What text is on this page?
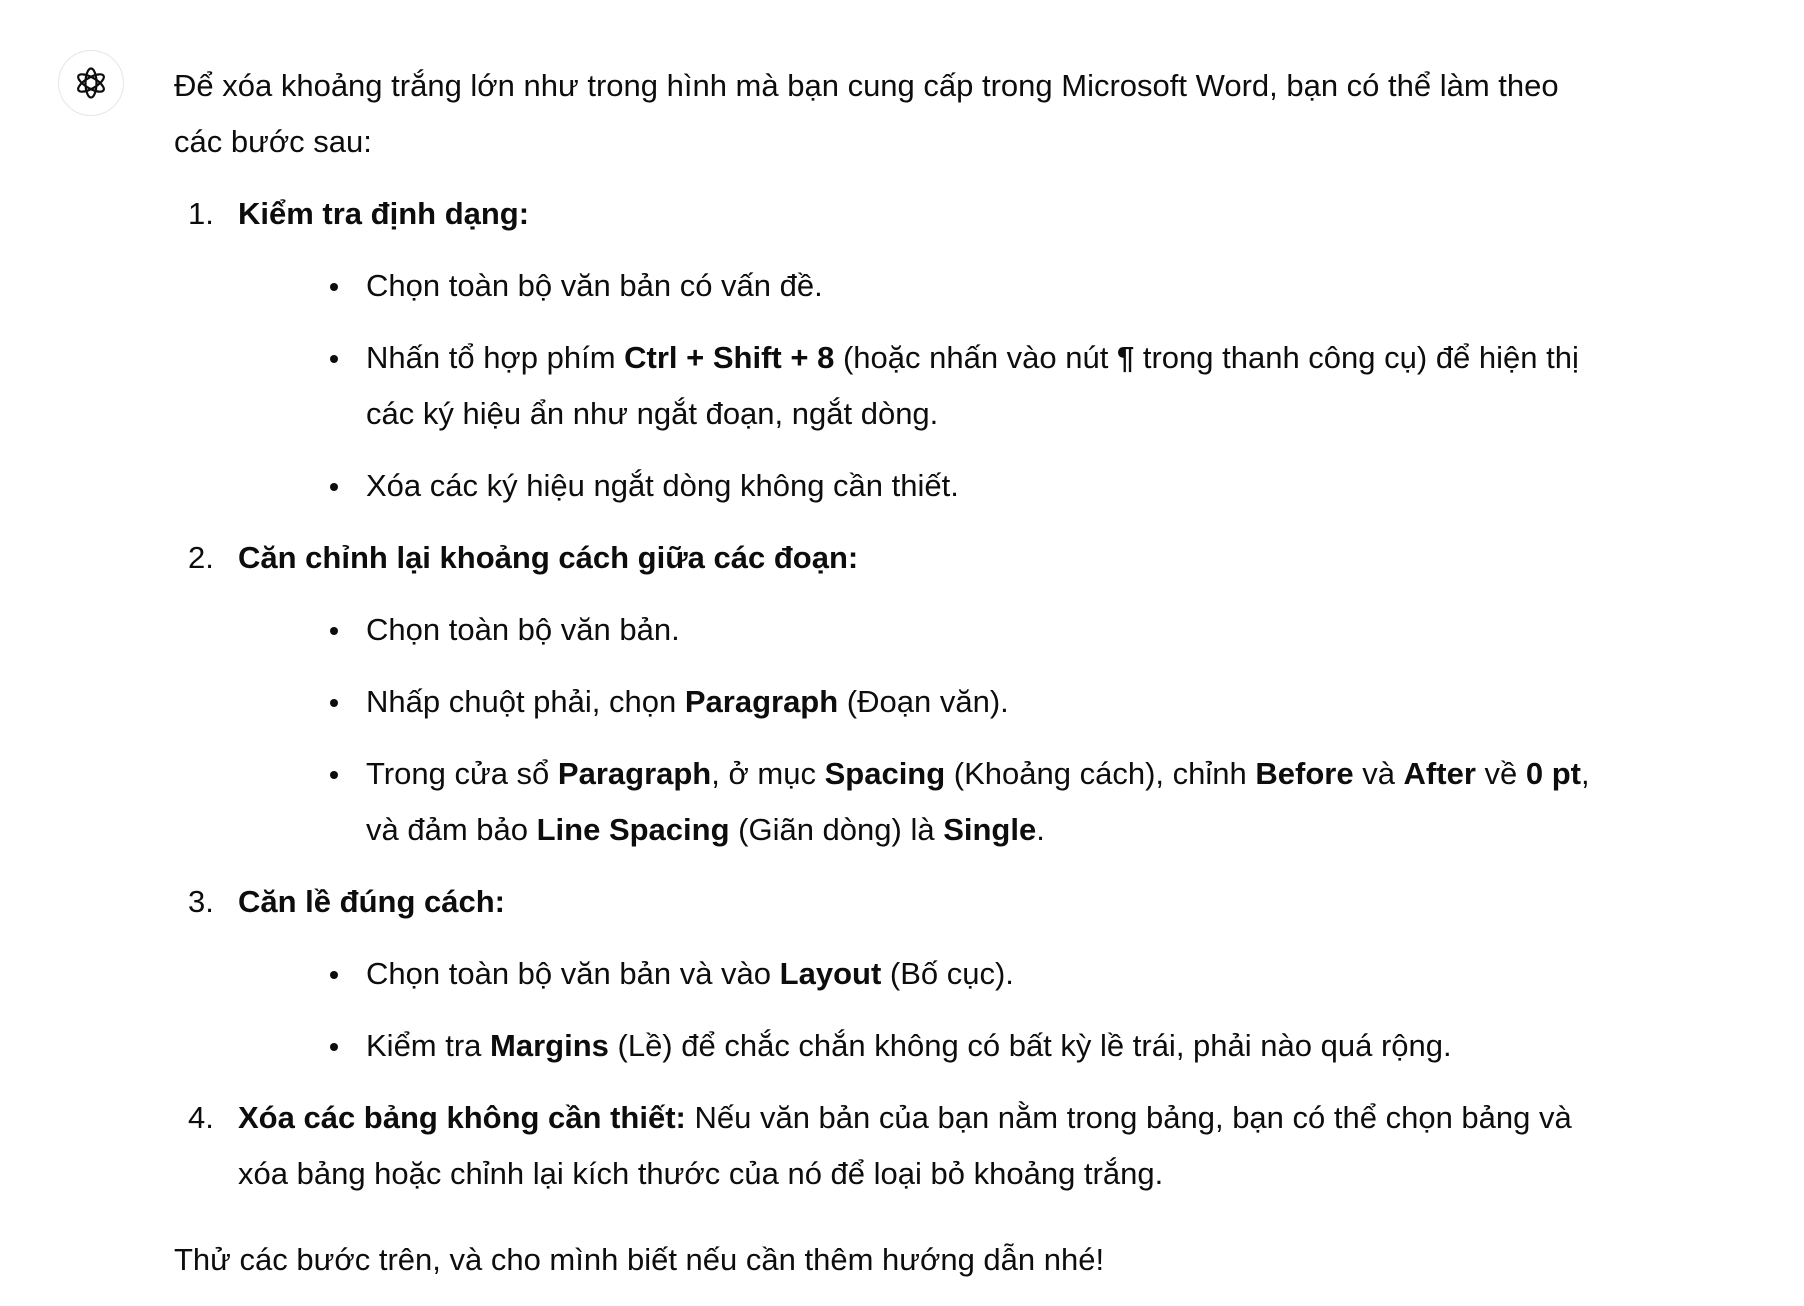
Để xóa khoảng trắng lớn như trong hình mà bạn cung cấp trong Microsoft Word, bạn có thể làm theo các bước sau:

1. Kiểm tra định dạng:
Chọn toàn bộ văn bản có vấn đề.
Nhấn tổ hợp phím Ctrl + Shift + 8 (hoặc nhấn vào nút ¶ trong thanh công cụ) để hiện thị các ký hiệu ẩn như ngắt đoạn, ngắt dòng.
Xóa các ký hiệu ngắt dòng không cần thiết.
2. Căn chỉnh lại khoảng cách giữa các đoạn:
Chọn toàn bộ văn bản.
Nhấp chuột phải, chọn Paragraph (Đoạn văn).
Trong cửa sổ Paragraph, ở mục Spacing (Khoảng cách), chỉnh Before và After về 0 pt, và đảm bảo Line Spacing (Giãn dòng) là Single.
3. Căn lề đúng cách:
Chọn toàn bộ văn bản và vào Layout (Bố cục).
Kiểm tra Margins (Lề) để chắc chắn không có bất kỳ lề trái, phải nào quá rộng.
4. Xóa các bảng không cần thiết: Nếu văn bản của bạn nằm trong bảng, bạn có thể chọn bảng và xóa bảng hoặc chỉnh lại kích thước của nó để loại bỏ khoảng trắng.

Thử các bước trên, và cho mình biết nếu cần thêm hướng dẫn nhé!
